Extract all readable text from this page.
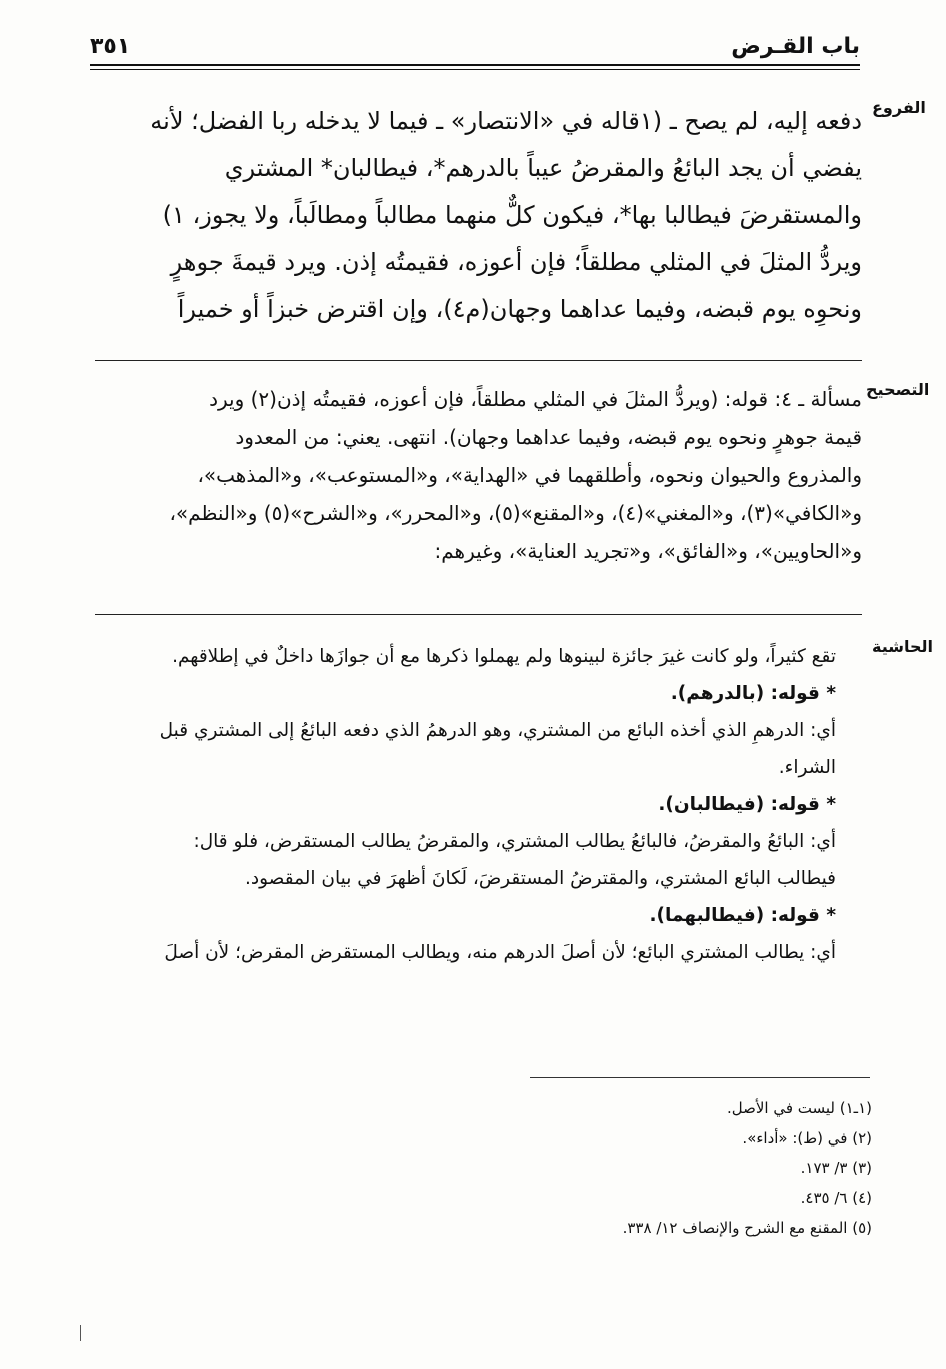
باب القـرض
٣٥١
الفروع
التصحيح
الحاشية
دفعه إليه، لم يصح ـ (١قاله في «الانتصار» ـ فيما لا يدخله ربا الفضل؛ لأنه
يفضي أن يجد البائعُ والمقرضُ عيباً بالدرهم*، فيطالبان* المشتري
والمستقرضَ فيطالبا بها*، فيكون كلٌّ منهما مطالباً ومطالَباً، ولا يجوز، ١)
ويردُّ المثلَ في المثلي مطلقاً؛ فإن أعوزه، فقيمتُه إذن. ويرد قيمةَ جوهرٍ
ونحوِه يوم قبضه، وفيما عداهما وجهان(م٤)، وإن اقترض خبزاً أو خميراً
مسألة ـ ٤: قوله: (ويردُّ المثلَ في المثلي مطلقاً، فإن أعوزه، فقيمتُه إذن(٢) ويرد
قيمة جوهرٍ ونحوه يوم قبضه، وفيما عداهما وجهان). انتهى. يعني: من المعدود
والمذروع والحيوان ونحوه، وأطلقهما في «الهداية»، و«المستوعب»، و«المذهب»،
و«الكافي»(٣)، و«المغني»(٤)، و«المقنع»(٥)، و«المحرر»، و«الشرح»(٥) و«النظم»،
و«الحاويين»، و«الفائق»، و«تجريد العناية»، وغيرهم:
تقع كثيراً، ولو كانت غيرَ جائزة لبينوها ولم يهملوا ذكرها مع أن جوازَها داخلٌ في إطلاقهم.
* قوله: (بالدرهم).
أي: الدرهمِ الذي أخذه البائع من المشتري، وهو الدرهمُ الذي دفعه البائعُ إلى المشتري قبل
الشراء.
* قوله: (فيطالبان).
أي: البائعُ والمقرضُ، فالبائعُ يطالب المشتري، والمقرضُ يطالب المستقرض، فلو قال:
فيطالب البائع المشتري، والمقترضُ المستقرضَ، لَكانَ أظهرَ في بيان المقصود.
* قوله: (فيطالبهما).
أي: يطالب المشتري البائع؛ لأن أصلَ الدرهم منه، ويطالب المستقرض المقرض؛ لأن أصلَ
(١ـ١) ليست في الأصل.
(٢) في (ط): «أداء».
(٣) ٣/ ١٧٣.
(٤) ٦/ ٤٣٥.
(٥) المقنع مع الشرح والإنصاف ١٢/ ٣٣٨.
